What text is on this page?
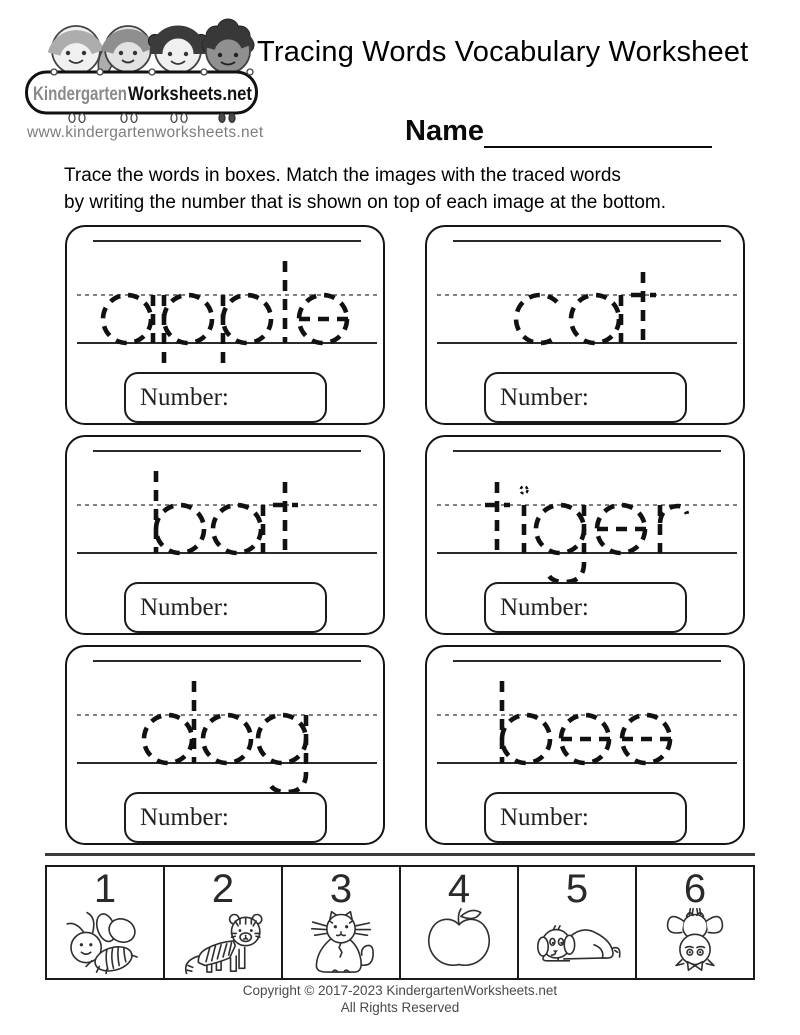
Kindergarten Worksheets.net
www.kindergartenworksheets.net
Tracing Words Vocabulary Worksheet
Name
Trace the words in boxes. Match the images with the traced words
by writing the number that is shown on top of each image at the bottom.
Number:	Number:
Number:	Number:
Number:	Number:
1 2 3 4 5 6
Copyright © 2017-2023 KindergartenWorksheets.net
All Rights Reserved
